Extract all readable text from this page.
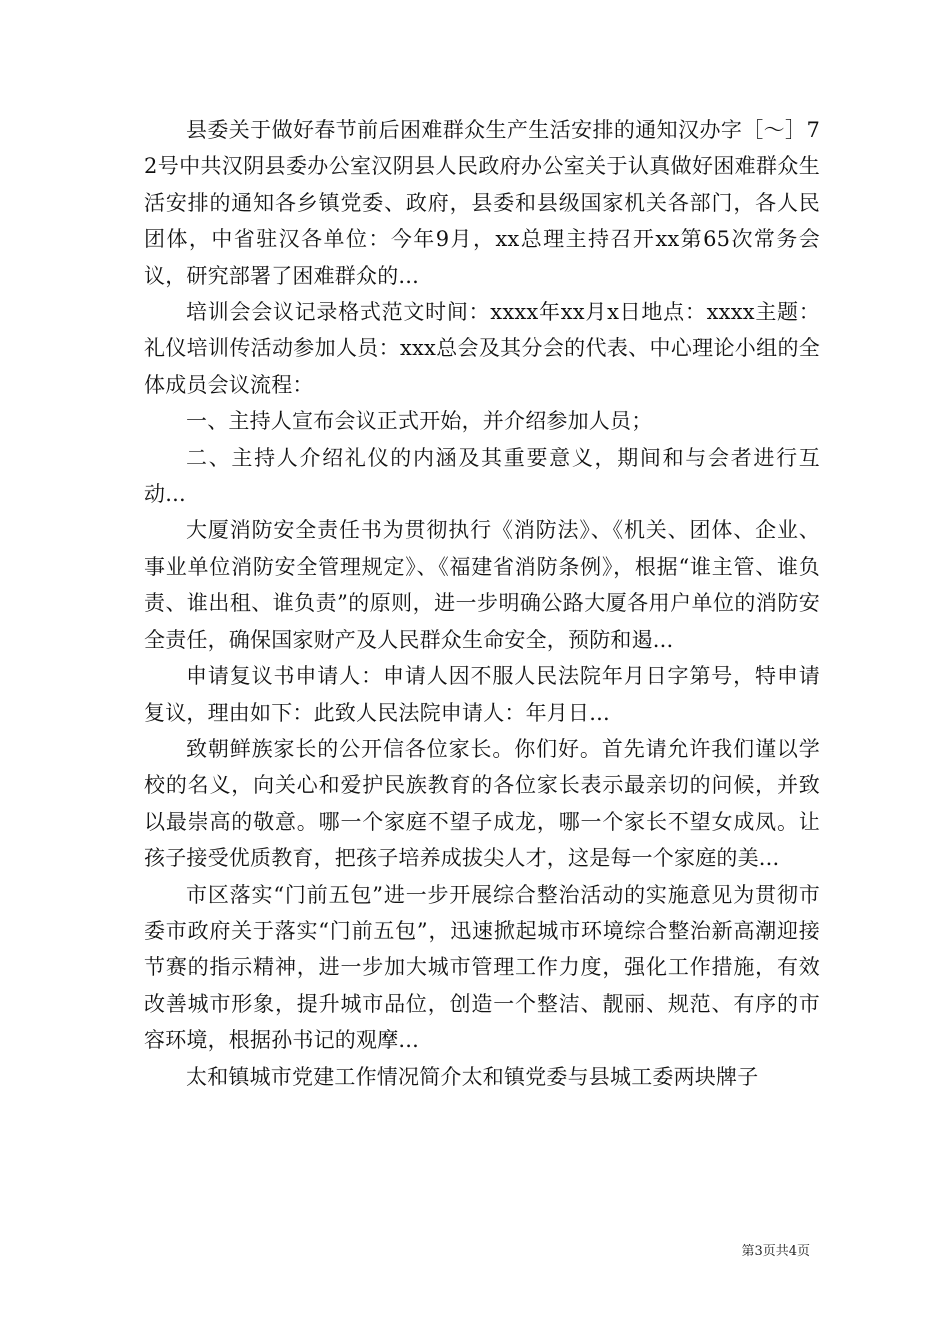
县委关于做好春节前后困难群众生产生活安排的通知汉办字［～］72号中共汉阴县委办公室汉阴县人民政府办公室关于认真做好困难群众生活安排的通知各乡镇党委、政府，县委和县级国家机关各部门，各人民团体，中省驻汉各单位：今年9月，xx总理主持召开xx第65次常务会议，研究部署了困难群众的...

培训会会议记录格式范文时间：xxxx年xx月x日地点：xxxx主题：礼仪培训传活动参加人员：xxx总会及其分会的代表、中心理论小组的全体成员会议流程：

一、主持人宣布会议正式开始，并介绍参加人员；

二、主持人介绍礼仪的内涵及其重要意义，期间和与会者进行互动...

大厦消防安全责任书为贯彻执行《消防法》、《机关、团体、企业、事业单位消防安全管理规定》、《福建省消防条例》，根据“谁主管、谁负责、谁出租、谁负责”的原则，进一步明确公路大厦各用户单位的消防安全责任，确保国家财产及人民群众生命安全，预防和遏...

申请复议书申请人：申请人因不服人民法院年月日字第号，特申请复议，理由如下：此致人民法院申请人：年月日...

致朝鲜族家长的公开信各位家长。你们好。首先请允许我们谨以学校的名义，向关心和爱护民族教育的各位家长表示最亲切的问候，并致以最崇高的敬意。哪一个家庭不望子成龙，哪一个家长不望女成凤。让孩子接受优质教育，把孩子培养成拔尖人才，这是每一个家庭的美...

市区落实“门前五包”进一步开展综合整治活动的实施意见为贯彻市委市政府关于落实“门前五包”，迅速掀起城市环境综合整治新高潮迎接节赛的指示精神，进一步加大城市管理工作力度，强化工作措施，有效改善城市形象，提升城市品位，创造一个整洁、靓丽、规范、有序的市容环境，根据孙书记的观摩...

太和镇城市党建工作情况简介太和镇党委与县城工委两块牌子

第3页共4页
